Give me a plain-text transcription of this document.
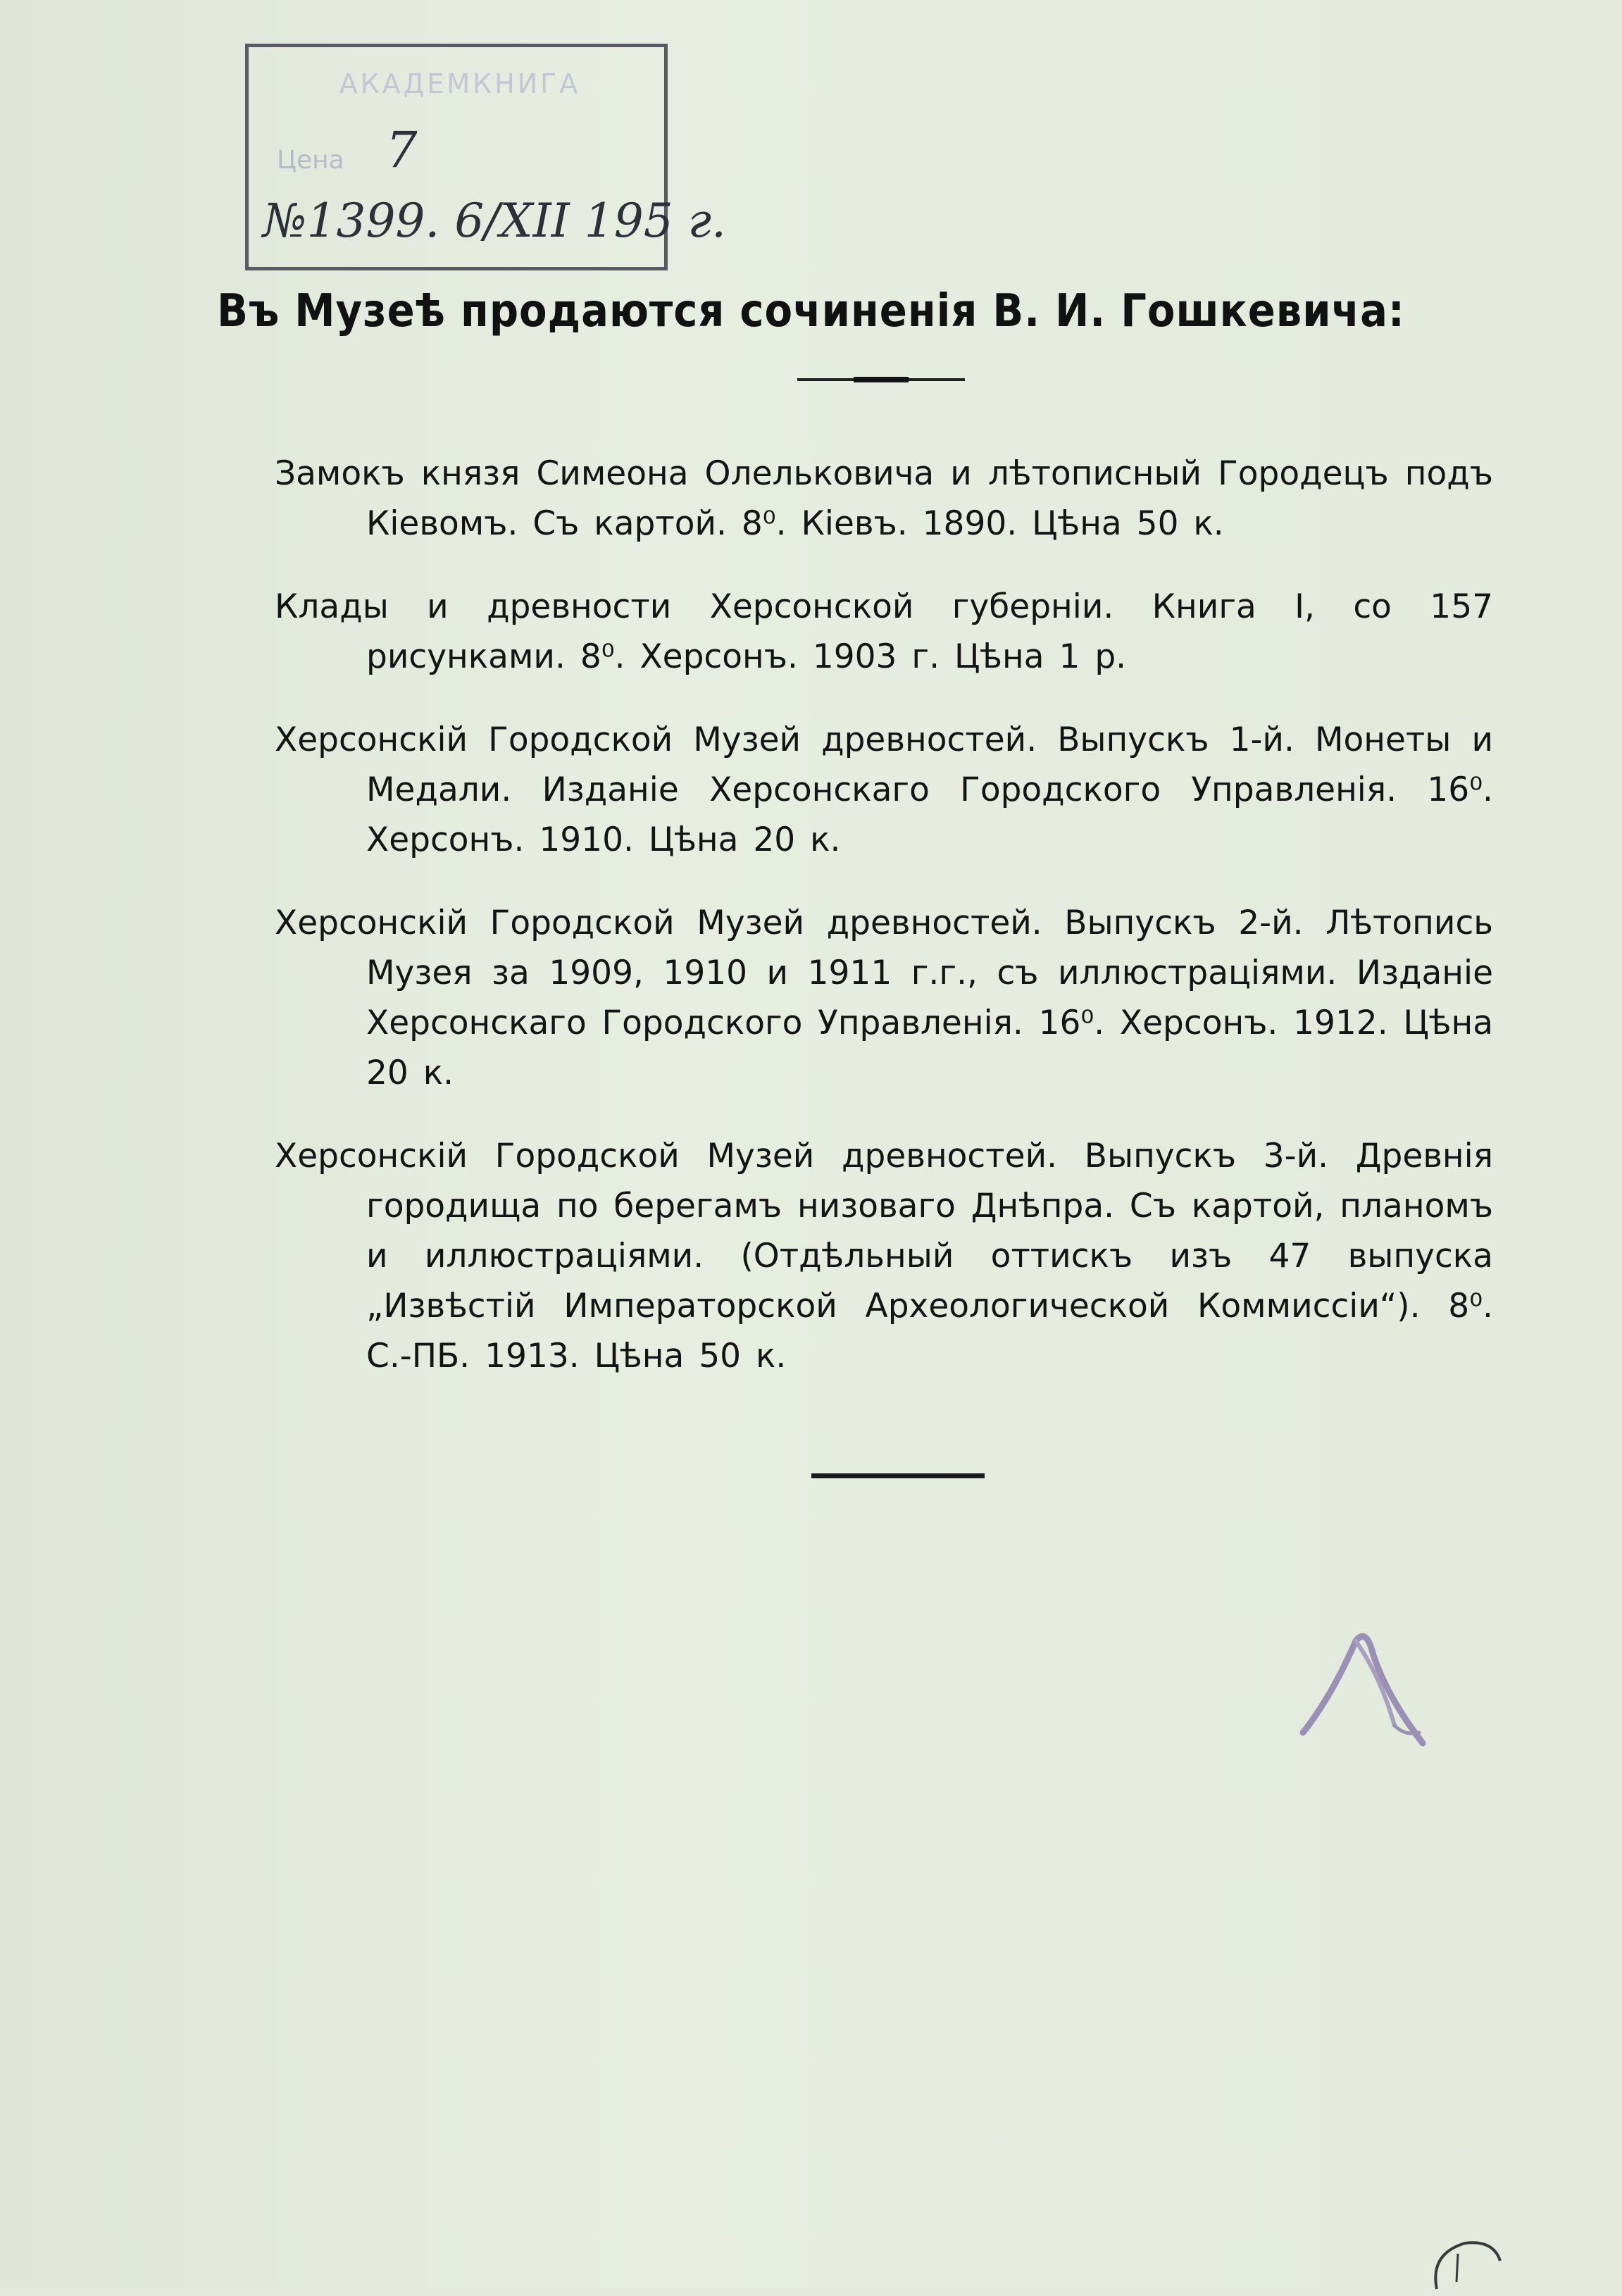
АКАДЕМКНИГА
Цена 7
№1399. 6/XII 195 г.
Въ Музеѣ продаются сочиненія В. И. Гошкевича:

Замокъ князя Симеона Олельковича и лѣтописный Городецъ подъ Кіевомъ. Съ картой. 8⁰. Кіевъ. 1890. Цѣна 50 к.

Клады и древности Херсонской губерніи. Книга I, со 157 рисунками. 8⁰. Херсонъ. 1903 г. Цѣна 1 р.

Херсонскій Городской Музей древностей. Выпускъ 1-й. Монеты и Медали. Изданіе Херсонскаго Городского Управленія. 16⁰. Херсонъ. 1910. Цѣна 20 к.

Херсонскій Городской Музей древностей. Выпускъ 2-й. Лѣтопись Музея за 1909, 1910 и 1911 г.г., съ иллюстраціями. Изданіе Херсонскаго Городского Управленія. 16⁰. Херсонъ. 1912. Цѣна 20 к.

Херсонскій Городской Музей древностей. Выпускъ 3-й. Древнія городища по берегамъ низоваго Днѣпра. Съ картой, планомъ и иллюстраціями. (Отдѣльный оттискъ изъ 47 выпуска „Извѣстій Императорской Археологической Коммиссіи“). 8⁰. С.-ПБ. 1913. Цѣна 50 к.
